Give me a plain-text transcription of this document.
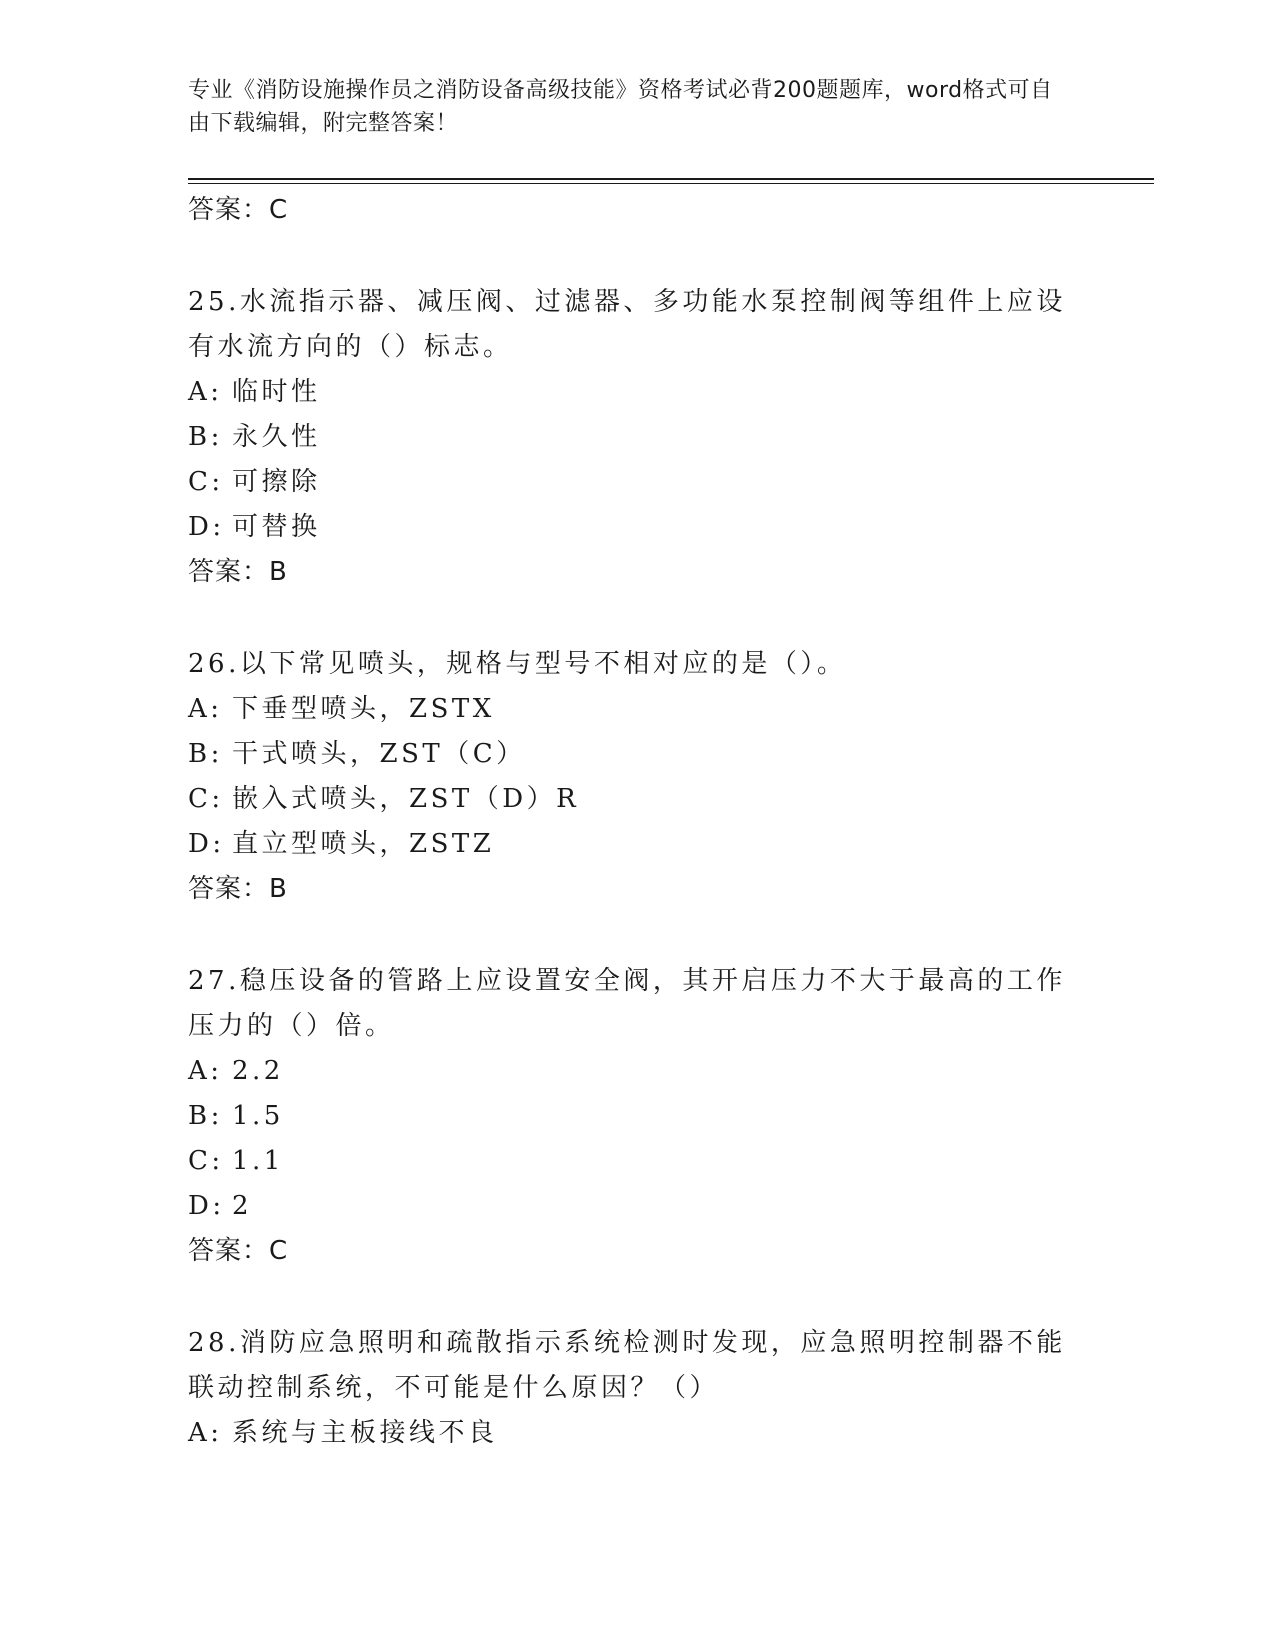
专业《消防设施操作员之消防设备高级技能》资格考试必背200题题库，word格式可自由下载编辑，附完整答案！
答案：C
25.水流指示器、减压阀、过滤器、多功能水泵控制阀等组件上应设有水流方向的（）标志。
A: 临时性
B: 永久性
C: 可擦除
D: 可替换
答案：B
26.以下常见喷头，规格与型号不相对应的是（）。
A: 下垂型喷头，ZSTX
B: 干式喷头，ZST（C）
C: 嵌入式喷头，ZST（D）R
D: 直立型喷头，ZSTZ
答案：B
27.稳压设备的管路上应设置安全阀，其开启压力不大于最高的工作压力的（）倍。
A: 2.2
B: 1.5
C: 1.1
D: 2
答案：C
28.消防应急照明和疏散指示系统检测时发现，应急照明控制器不能联动控制系统，不可能是什么原因？（）
A: 系统与主板接线不良
